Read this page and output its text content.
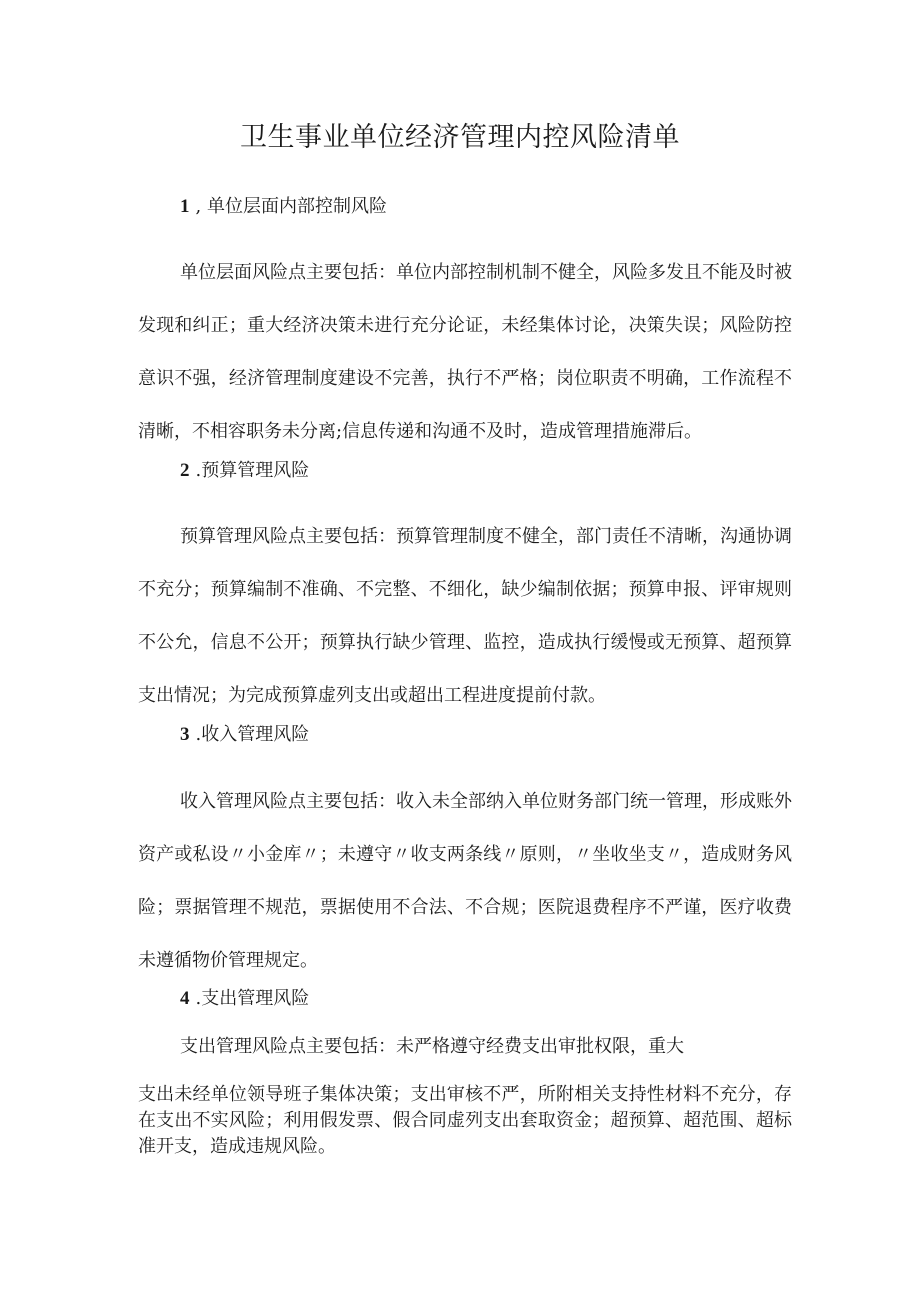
卫生事业单位经济管理内控风险清单
1 , 单位层面内部控制风险

单位层面风险点主要包括：单位内部控制机制不健全，风险多发且不能及时被发现和纠正；重大经济决策未进行充分论证，未经集体讨论，决策失误；风险防控意识不强，经济管理制度建设不完善，执行不严格；岗位职责不明确，工作流程不清晰，不相容职务未分离;信息传递和沟通不及时，造成管理措施滞后。

2 .预算管理风险

预算管理风险点主要包括：预算管理制度不健全，部门责任不清晰，沟通协调不充分；预算编制不准确、不完整、不细化，缺少编制依据；预算申报、评审规则不公允，信息不公开；预算执行缺少管理、监控，造成执行缓慢或无预算、超预算支出情况；为完成预算虚列支出或超出工程进度提前付款。

3 .收入管理风险

收入管理风险点主要包括：收入未全部纳入单位财务部门统一管理，形成账外资产或私设〃小金库〃；未遵守〃收支两条线〃原则，〃坐收坐支〃，造成财务风险；票据管理不规范，票据使用不合法、不合规；医院退费程序不严谨，医疗收费未遵循物价管理规定。

4 .支出管理风险

支出管理风险点主要包括：未严格遵守经费支出审批权限，重大

支出未经单位领导班子集体决策；支出审核不严，所附相关支持性材料不充分，存在支出不实风险；利用假发票、假合同虚列支出套取资金；超预算、超范围、超标准开支，造成违规风险。
